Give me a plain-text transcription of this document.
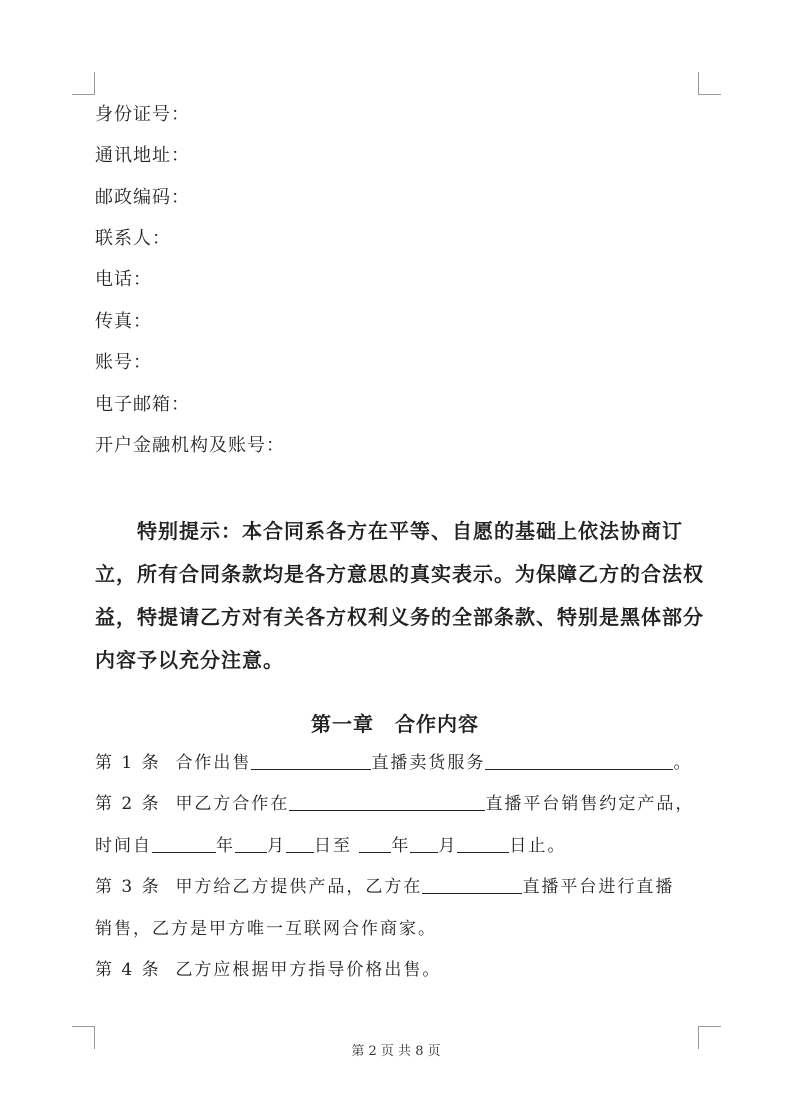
身份证号：
通讯地址：
邮政编码：
联系人：
电话：
传真：
账号：
电子邮箱：
开户金融机构及账号：
特别提示：本合同系各方在平等、自愿的基础上依法协商订立，所有合同条款均是各方意思的真实表示。为保障乙方的合法权益，特提请乙方对有关各方权利义务的全部条款、特别是黑体部分内容予以充分注意。
第一章　合作内容
第 1 条 合作出售	直播卖货服务	。
第 2 条 甲乙方合作在	直播平台销售约定产品，
时间自	年 月 日至 年 月	日止。
第 3 条 甲方给乙方提供产品，乙方在	直播平台进行直播
销售，乙方是甲方唯一互联网合作商家。
第 4 条 乙方应根据甲方指导价格出售。
第 2 页 共 8 页
